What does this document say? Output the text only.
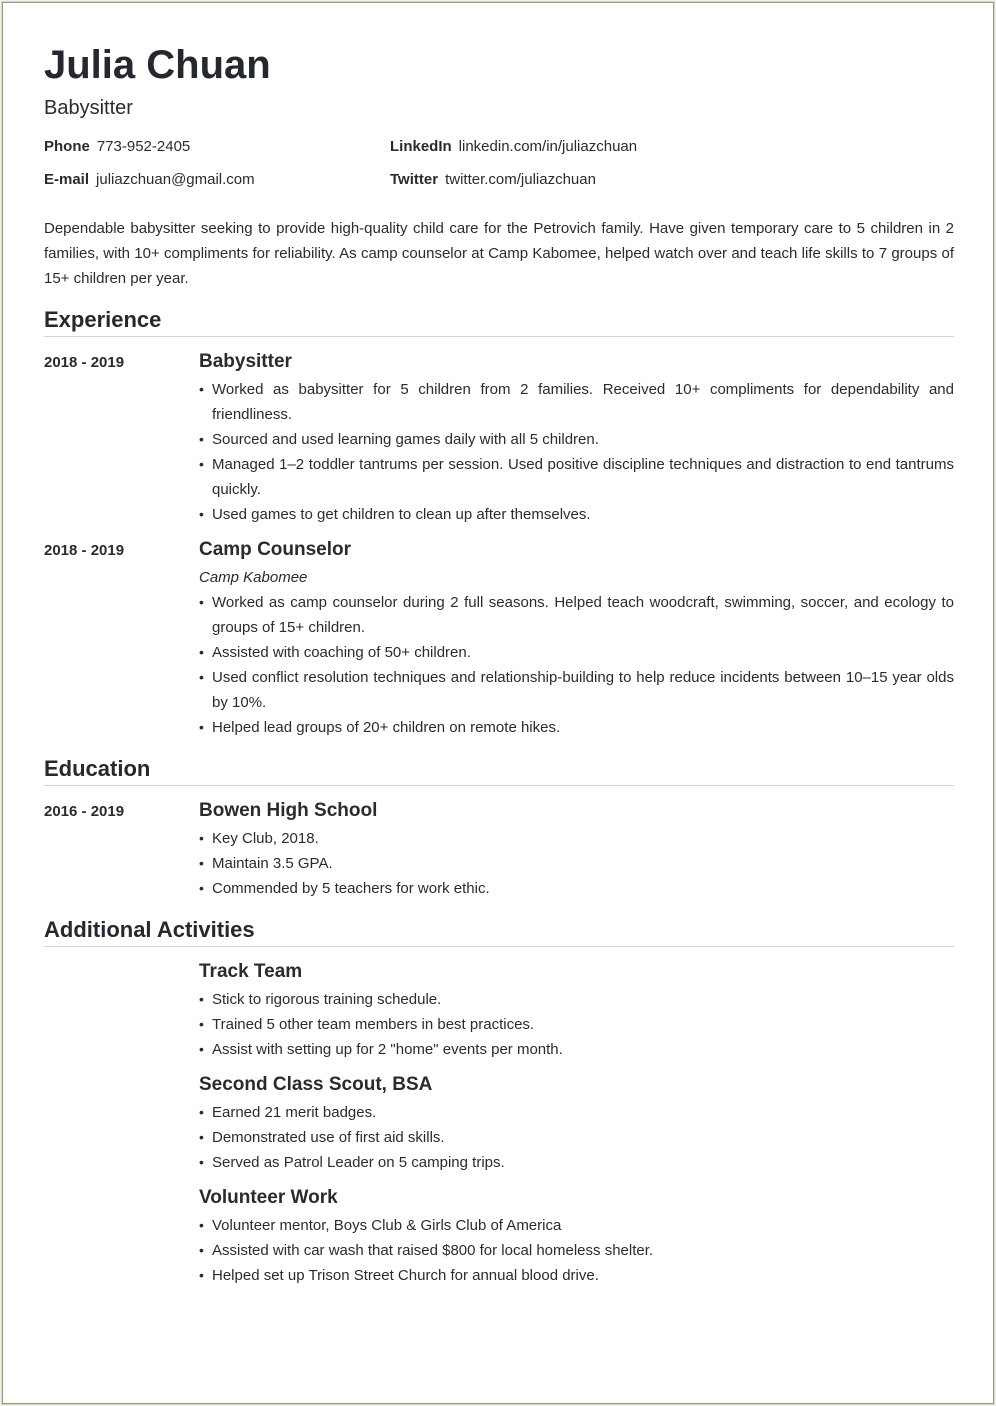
Julia Chuan
Babysitter
Phone 773-952-2405	LinkedIn linkedin.com/in/juliazchuan
E-mail juliazchuan@gmail.com	Twitter twitter.com/juliazchuan
Dependable babysitter seeking to provide high-quality child care for the Petrovich family. Have given temporary care to 5 children in 2 families, with 10+ compliments for reliability. As camp counselor at Camp Kabomee, helped watch over and teach life skills to 7 groups of 15+ children per year.
Experience
2018 - 2019	Babysitter
• Worked as babysitter for 5 children from 2 families. Received 10+ compliments for dependability and friendliness.
• Sourced and used learning games daily with all 5 children.
• Managed 1–2 toddler tantrums per session. Used positive discipline techniques and distraction to end tantrums quickly.
• Used games to get children to clean up after themselves.
2018 - 2019	Camp Counselor
Camp Kabomee
• Worked as camp counselor during 2 full seasons. Helped teach woodcraft, swimming, soccer, and ecology to groups of 15+ children.
• Assisted with coaching of 50+ children.
• Used conflict resolution techniques and relationship-building to help reduce incidents between 10–15 year olds by 10%.
• Helped lead groups of 20+ children on remote hikes.
Education
2016 - 2019	Bowen High School
• Key Club, 2018.
• Maintain 3.5 GPA.
• Commended by 5 teachers for work ethic.
Additional Activities
Track Team
• Stick to rigorous training schedule.
• Trained 5 other team members in best practices.
• Assist with setting up for 2 "home" events per month.
Second Class Scout, BSA
• Earned 21 merit badges.
• Demonstrated use of first aid skills.
• Served as Patrol Leader on 5 camping trips.
Volunteer Work
• Volunteer mentor, Boys Club & Girls Club of America
• Assisted with car wash that raised $800 for local homeless shelter.
• Helped set up Trison Street Church for annual blood drive.
